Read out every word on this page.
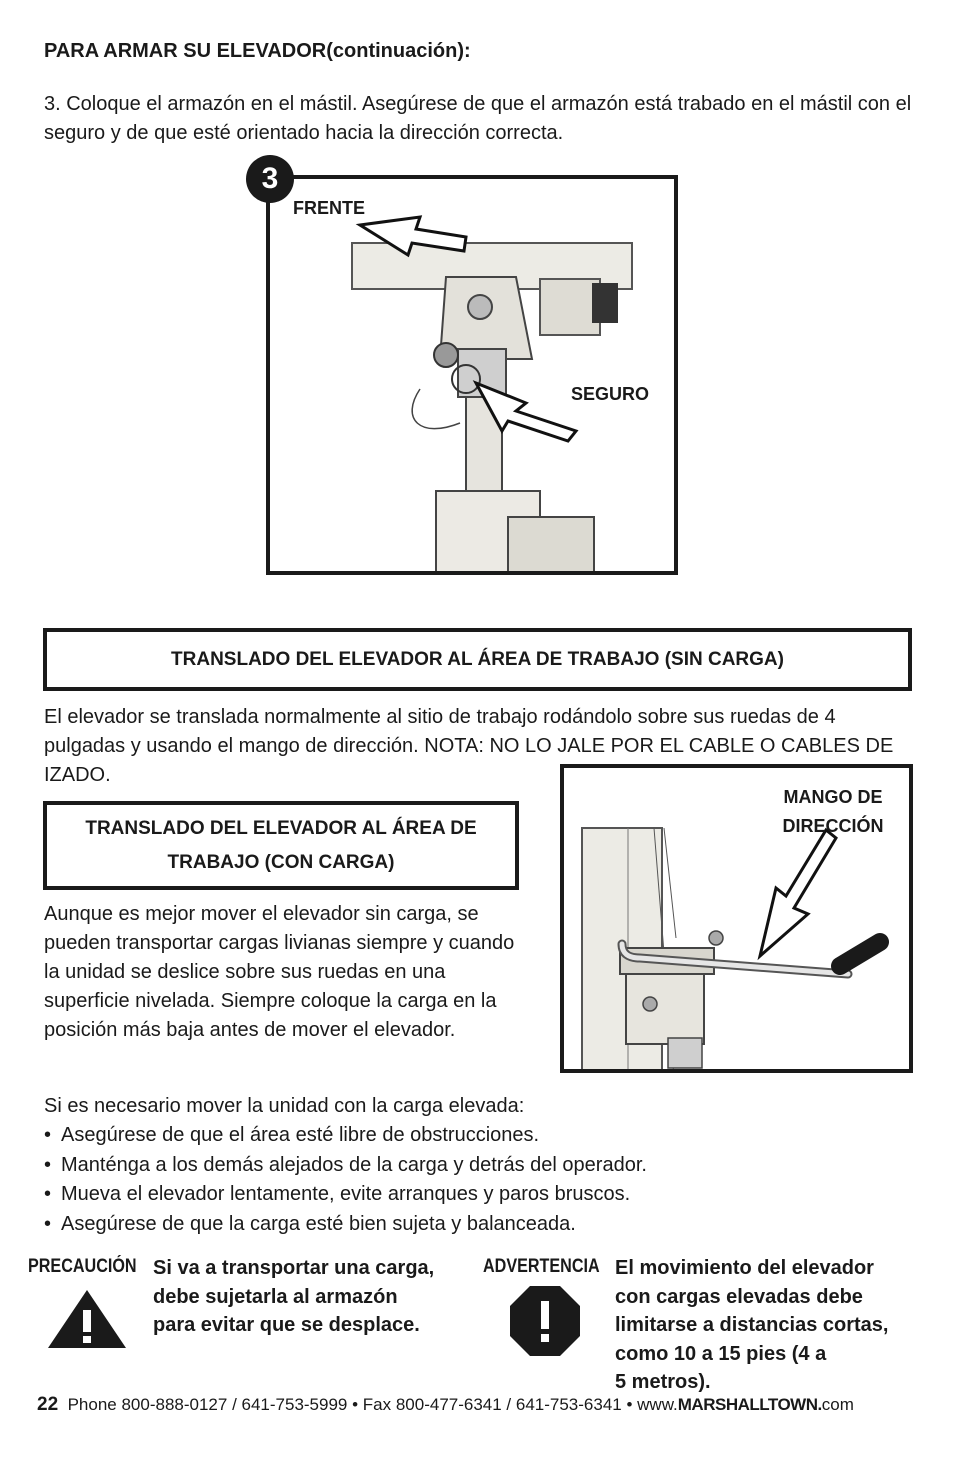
PARA ARMAR SU ELEVADOR(continuación):
3. Coloque el armazón en el mástil. Asegúrese de que el armazón está trabado en el mástil con el seguro y de que esté orientado hacia la dirección correcta.
FRENTE
SEGURO
3
TRANSLADO DEL ELEVADOR AL ÁREA DE TRABAJO (SIN CARGA)
El elevador se translada normalmente al sitio de trabajo rodándolo sobre sus ruedas de 4 pulgadas y usando el mango de dirección. NOTA: NO LO JALE POR EL CABLE O CABLES DE IZADO.
MANGO DE
DIRECCIÓN
TRANSLADO DEL ELEVADOR AL ÁREA DE
TRABAJO (CON CARGA)
Aunque es mejor mover el elevador sin carga, se pueden transportar cargas livianas siempre y cuando la unidad se deslice sobre sus ruedas en una superficie nivelada. Siempre coloque la carga en la posición más baja antes de mover el elevador.
Si es necesario mover la unidad con la carga elevada:
• Asegúrese de que el área esté libre de obstrucciones.
• Manténga a los demás alejados de la carga y detrás del operador.
• Mueva el elevador lentamente, evite arranques y paros bruscos.
• Asegúrese de que la carga esté bien sujeta y balanceada.
PRECAUCIÓN Si va a transportar una carga,
debe sujetarla al armazón
para evitar que se desplace.
ADVERTENCIA El movimiento del elevador
con cargas elevadas debe
limitarse a distancias cortas,
como 10 a 15 pies (4 a
5 metros).
22 Phone 800-888-0127 / 641-753-5999 • Fax 800-477-6341 / 641-753-6341 • www.MARSHALLTOWN.com
